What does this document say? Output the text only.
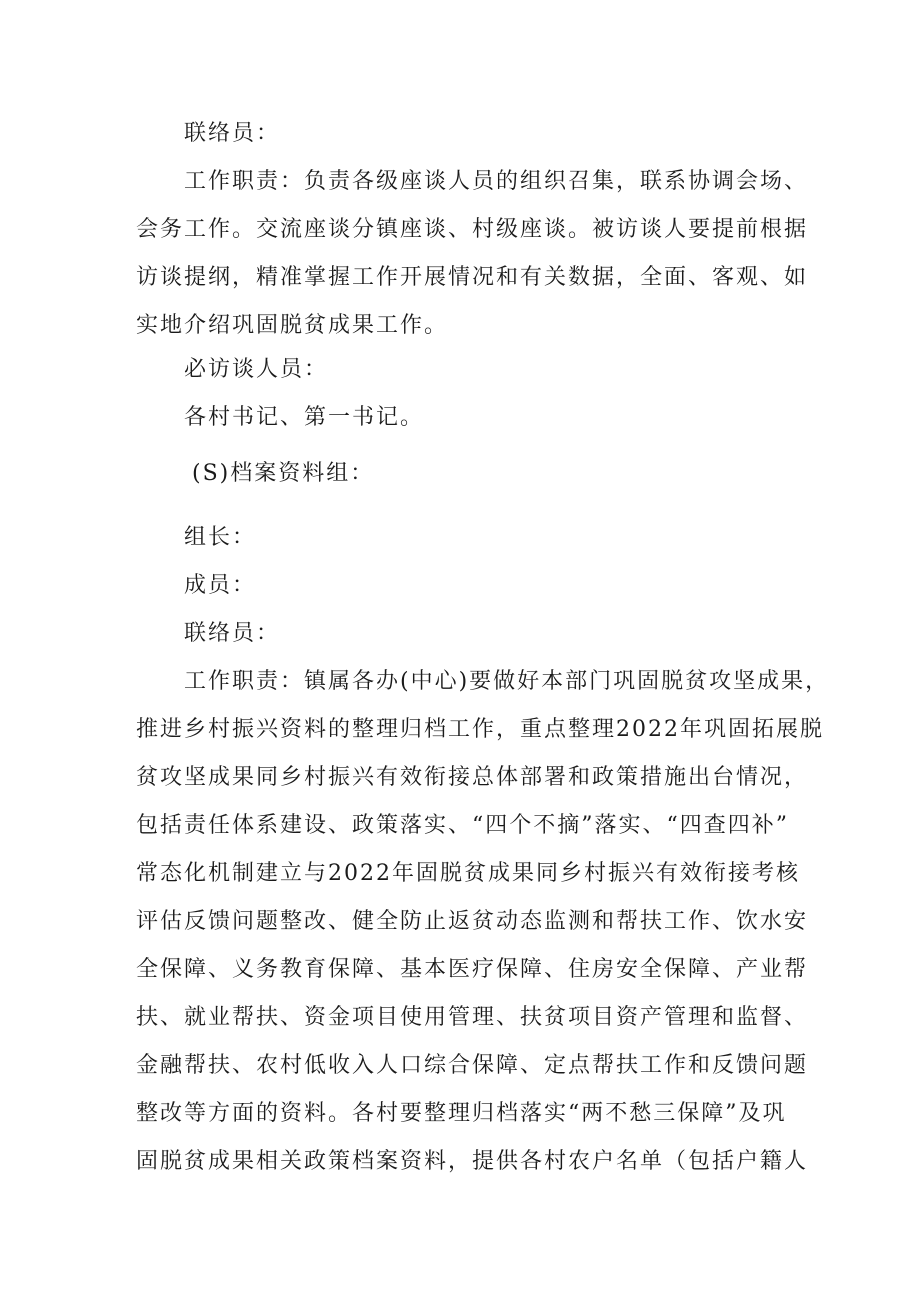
联络员：

工作职责：负责各级座谈人员的组织召集，联系协调会场、
会务工作。交流座谈分镇座谈、村级座谈。被访谈人要提前根据
访谈提纲，精准掌握工作开展情况和有关数据，全面、客观、如
实地介绍巩固脱贫成果工作。

必访谈人员：

各村书记、第一书记。

(S)档案资料组：

组长：

成员：

联络员：

工作职责：镇属各办(中心)要做好本部门巩固脱贫攻坚成果，
推进乡村振兴资料的整理归档工作，重点整理2022年巩固拓展脱
贫攻坚成果同乡村振兴有效衔接总体部署和政策措施出台情况，
包括责任体系建设、政策落实、“四个不摘”落实、“四查四补”
常态化机制建立与2022年固脱贫成果同乡村振兴有效衔接考核
评估反馈问题整改、健全防止返贫动态监测和帮扶工作、饮水安
全保障、义务教育保障、基本医疗保障、住房安全保障、产业帮
扶、就业帮扶、资金项目使用管理、扶贫项目资产管理和监督、
金融帮扶、农村低收入人口综合保障、定点帮扶工作和反馈问题
整改等方面的资料。各村要整理归档落实“两不愁三保障”及巩
固脱贫成果相关政策档案资料，提供各村农户名单（包括户籍人
